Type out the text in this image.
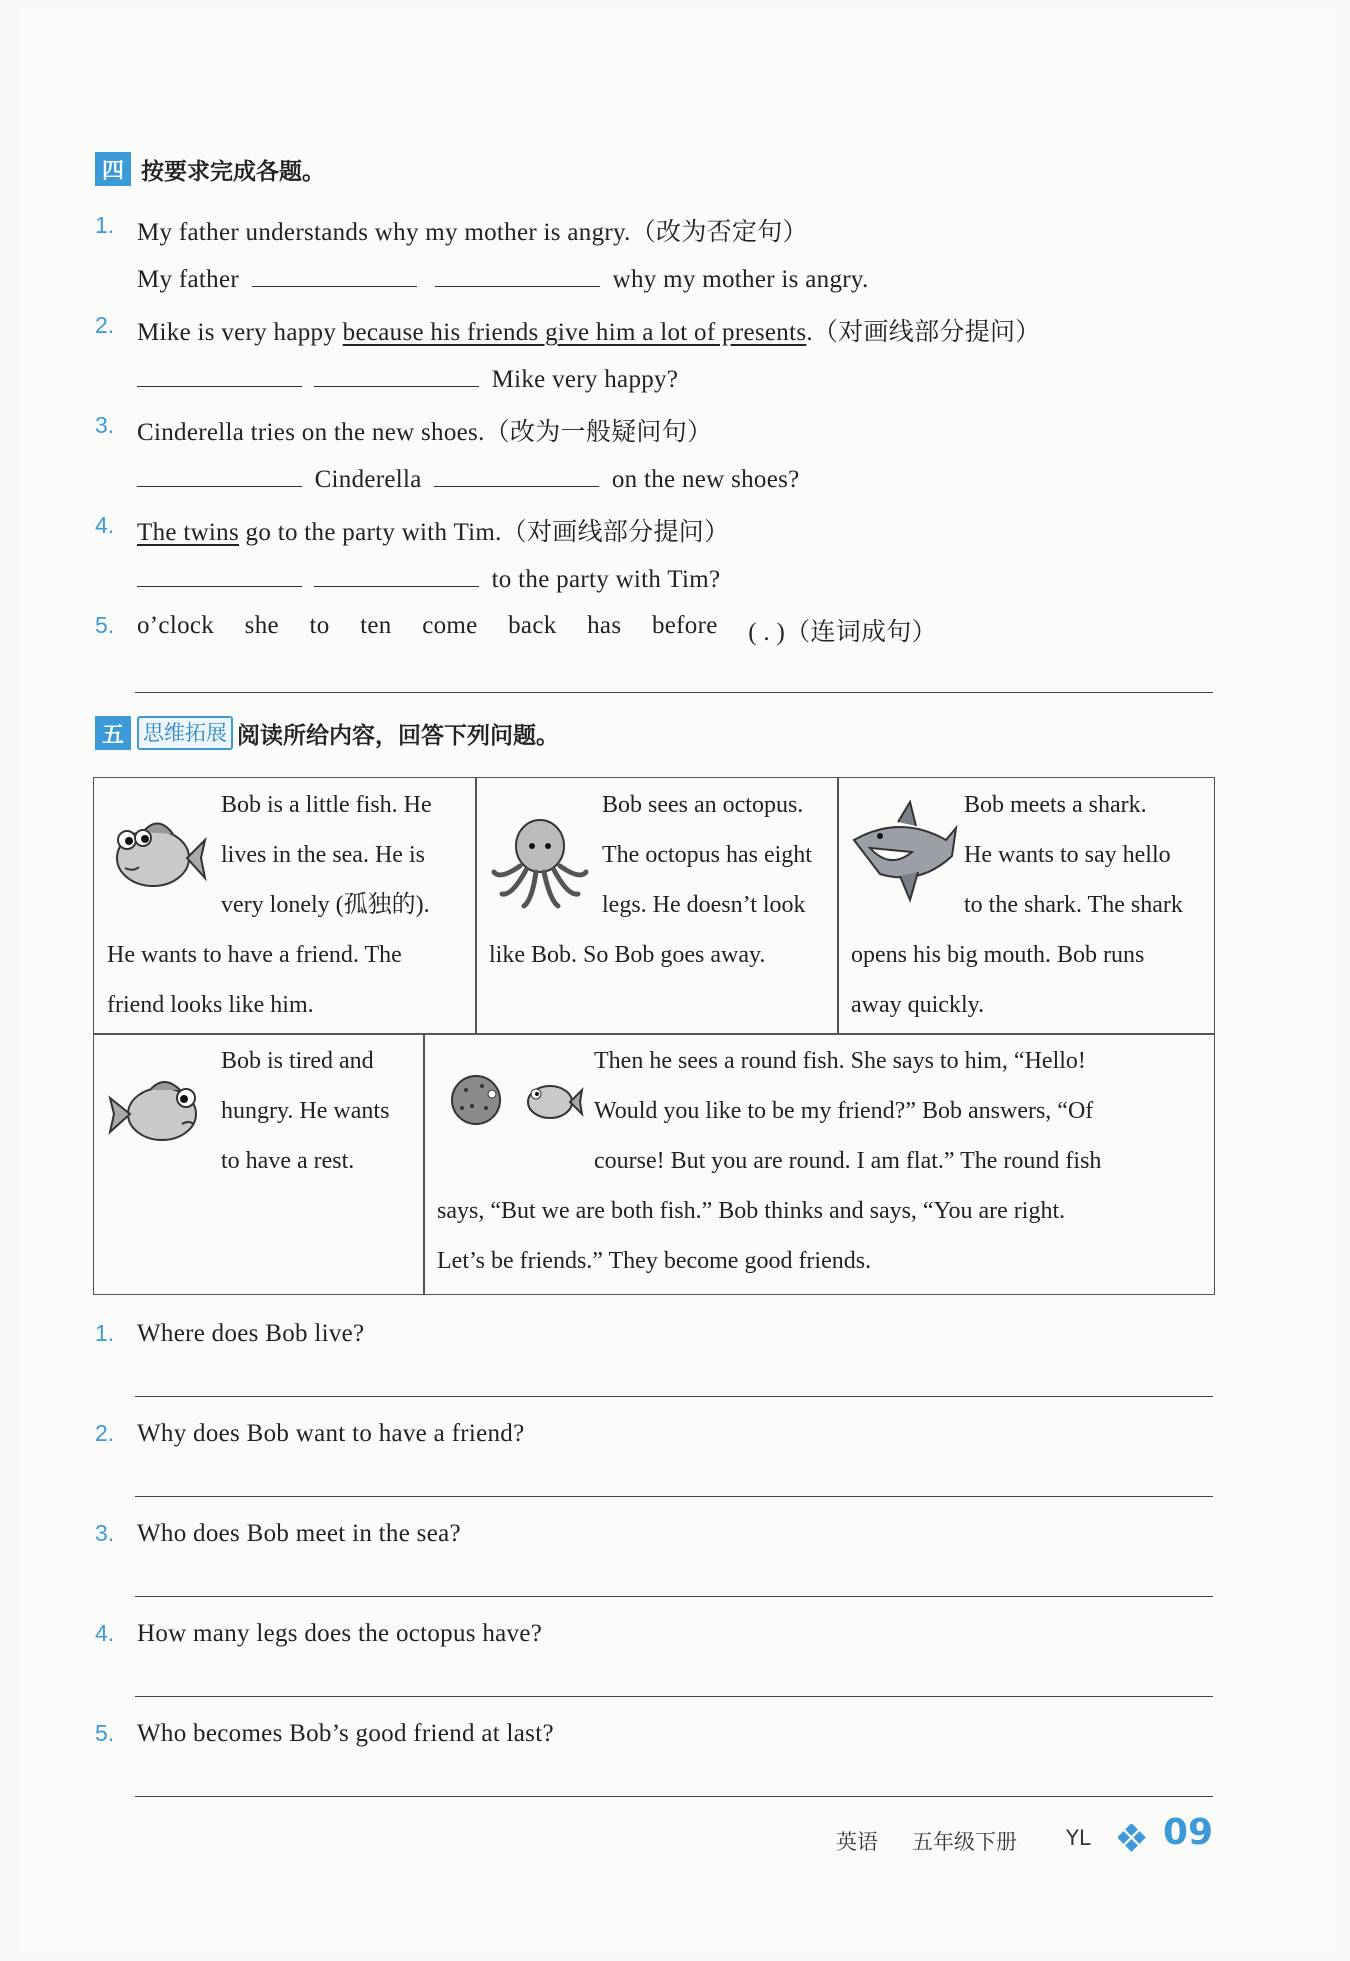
四 按要求完成各题。
1. My father understands why my mother is angry.（改为否定句）
My father	why my mother is angry.
2. Mike is very happy because his friends give him a lot of presents.（对画线部分提问）
Mike very happy?
3. Cinderella tries on the new shoes.（改为一般疑问句）
Cinderella	on the new shoes?
4. The twins go to the party with Tim.（对画线部分提问）
to the party with Tim?
5. o’clock she to ten come back has before ( . )（连词成句）
五 思维拓展 阅读所给内容，回答下列问题。
Bob is a little fish. He
lives in the sea. He is
very lonely (孤独的).
He wants to have a friend. The
friend looks like him.
Bob sees an octopus.
The octopus has eight
legs. He doesn’t look
like Bob. So Bob goes away.
Bob meets a shark.
He wants to say hello
to the shark. The shark
opens his big mouth. Bob runs
away quickly.
Bob is tired and
hungry. He wants
to have a rest.
Then he sees a round fish. She says to him, “Hello!
Would you like to be my friend?” Bob answers, “Of
course! But you are round. I am flat.” The round fish
says, “But we are both fish.” Bob thinks and says, “You are right.
Let’s be friends.” They become good friends.
1. Where does Bob live?
2. Why does Bob want to have a friend?
3. Who does Bob meet in the sea?
4. How many legs does the octopus have?
5. Who becomes Bob’s good friend at last?
英语 五年级下册 YL 09
